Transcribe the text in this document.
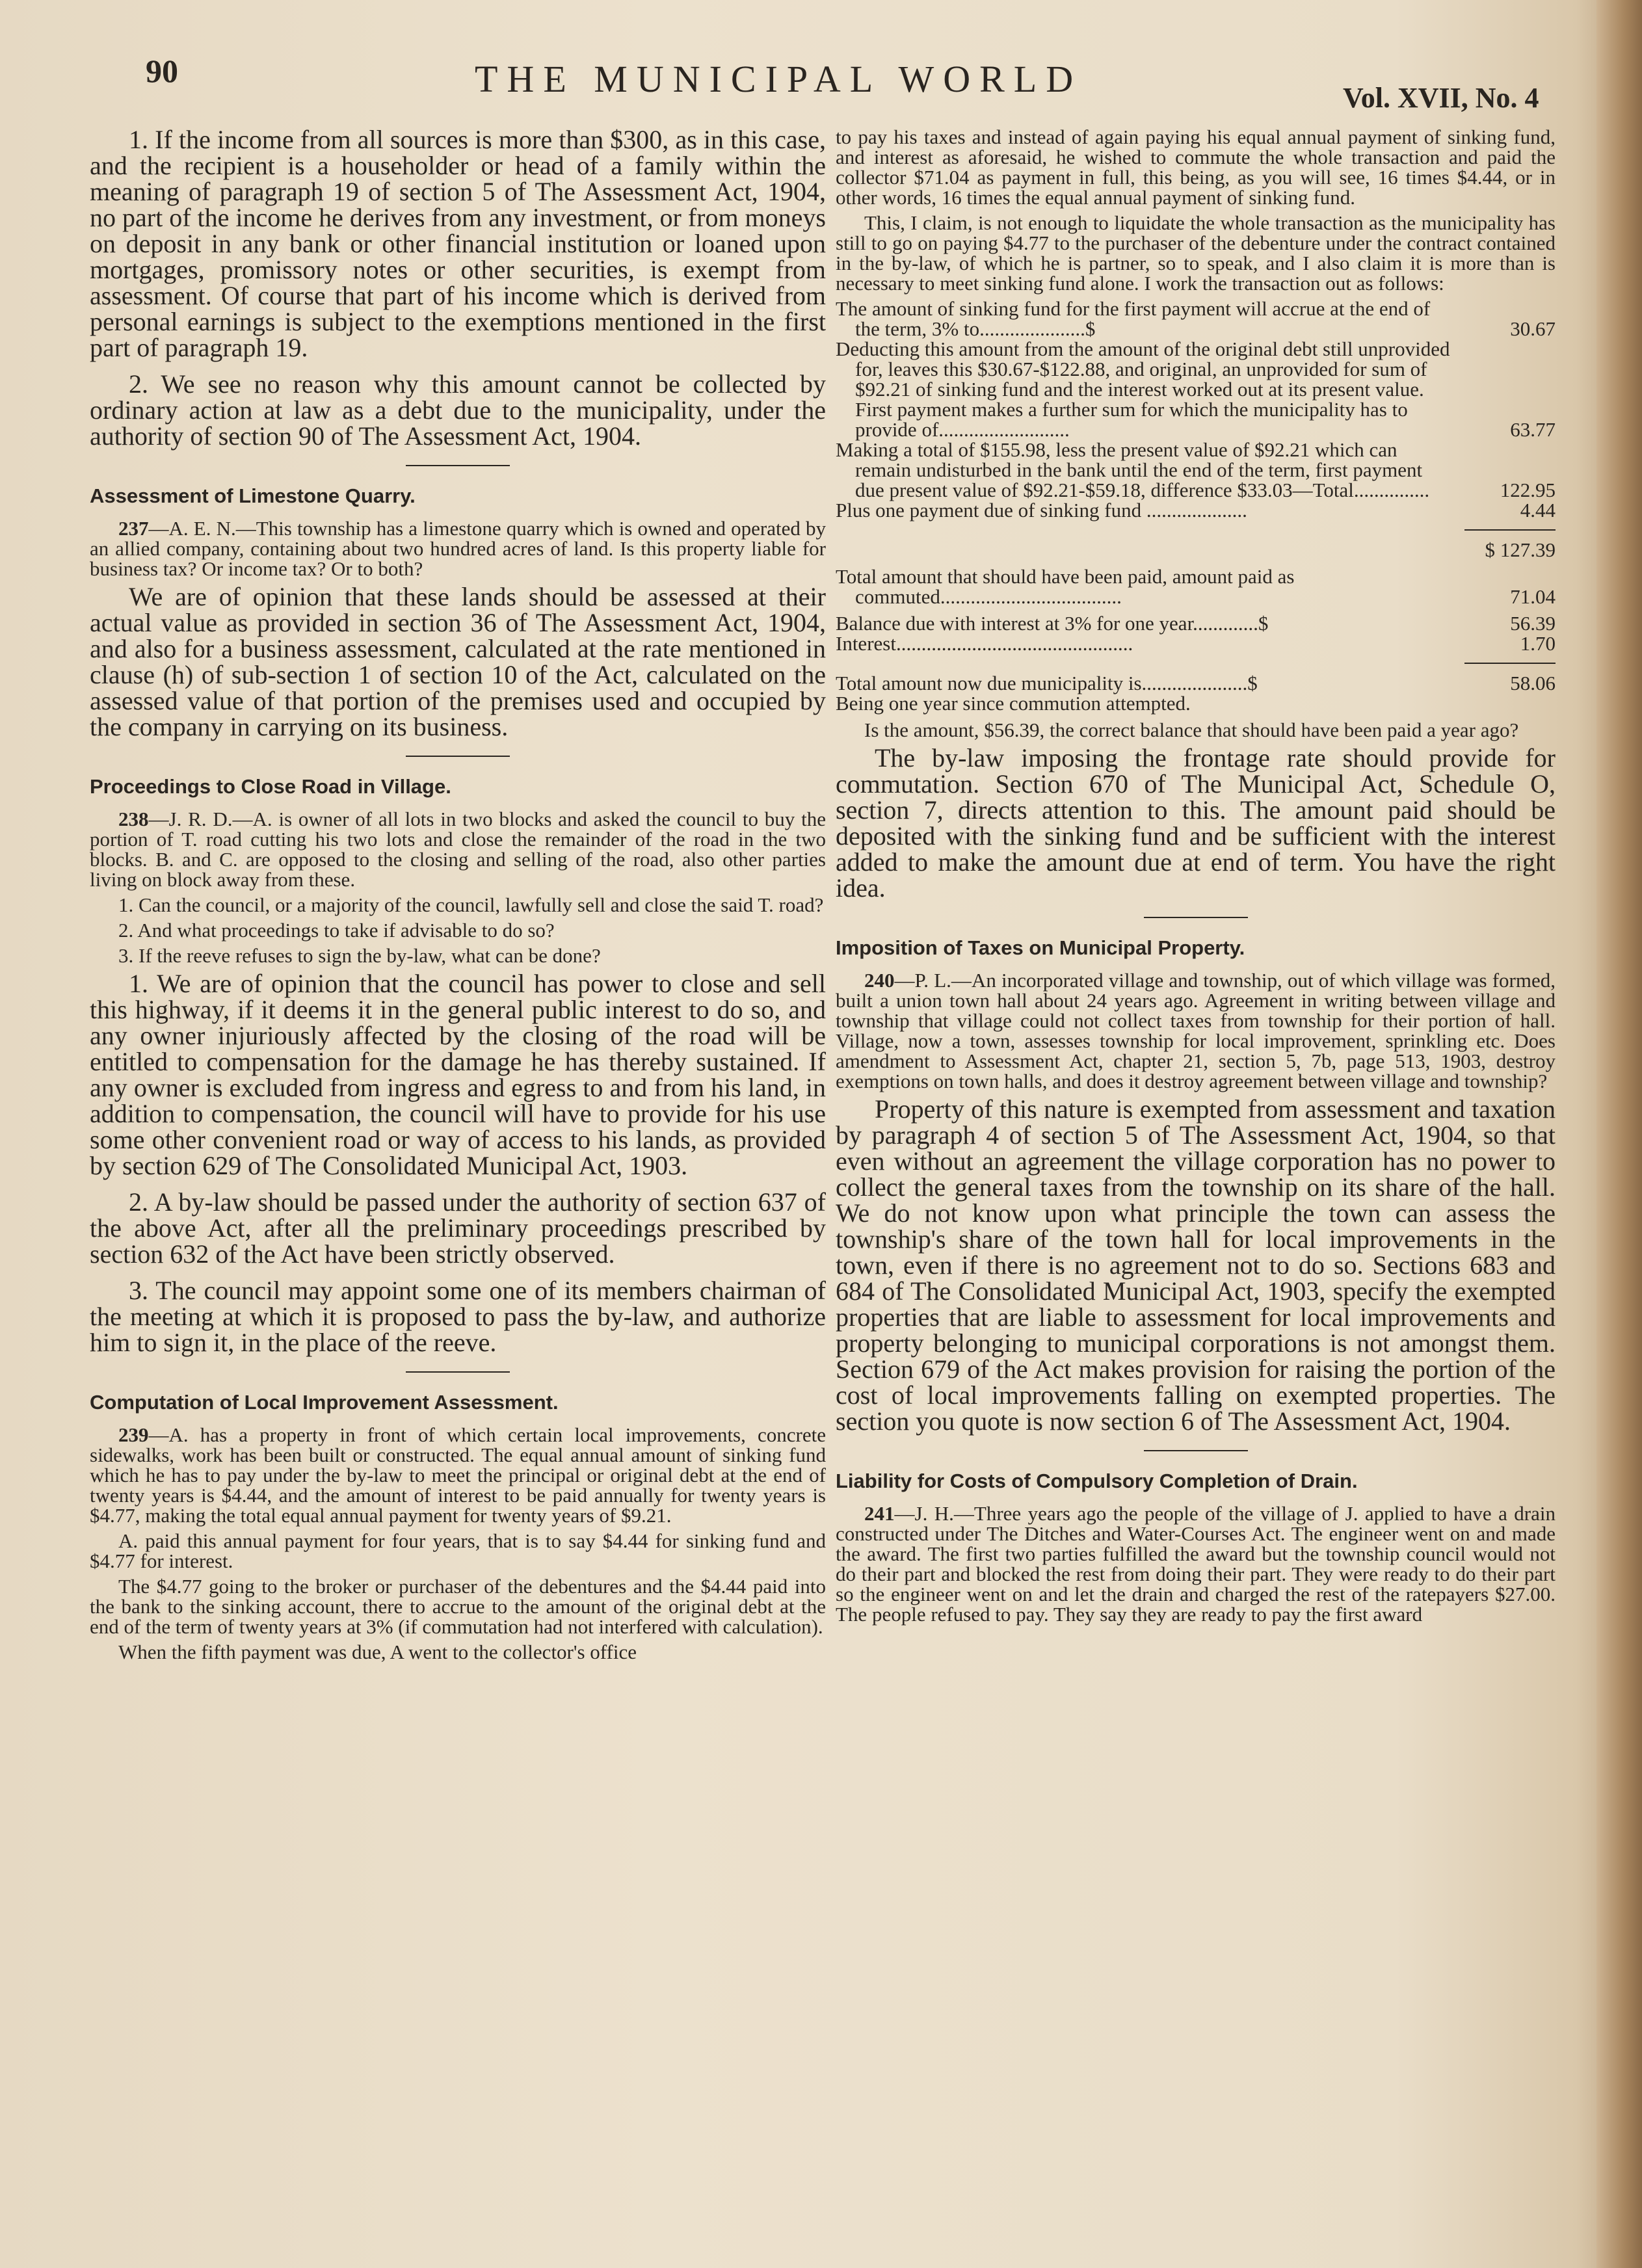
90	THE MUNICIPAL WORLD	Vol. XVII, No. 4

1. If the income from all sources is more than $300, as in this case, and the recipient is a householder or head of a family within the meaning of paragraph 19 of section 5 of The Assessment Act, 1904, no part of the income he derives from any investment, or from moneys on deposit in any bank or other financial institution or loaned upon mortgages, promissory notes or other securities, is exempt from assessment. Of course that part of his income which is derived from personal earnings is subject to the exemptions mentioned in the first part of paragraph 19.

2. We see no reason why this amount cannot be collected by ordinary action at law as a debt due to the municipality, under the authority of section 90 of The Assessment Act, 1904.

Assessment of Limestone Quarry.

237—A. E. N.—This township has a limestone quarry which is owned and operated by an allied company, containing about two hundred acres of land. Is this property liable for business tax? Or income tax? Or to both?

We are of opinion that these lands should be assessed at their actual value as provided in section 36 of The Assessment Act, 1904, and also for a business assessment, calculated at the rate mentioned in clause (h) of sub-section 1 of section 10 of the Act, calculated on the assessed value of that portion of the premises used and occupied by the company in carrying on its business.

Proceedings to Close Road in Village.

238—J. R. D.—A. is owner of all lots in two blocks and asked the council to buy the portion of T. road cutting his two lots and close the remainder of the road in the two blocks. B. and C. are opposed to the closing and selling of the road, also other parties living on block away from these.

1. Can the council, or a majority of the council, lawfully sell and close the said T. road?

2. And what proceedings to take if advisable to do so?

3. If the reeve refuses to sign the by-law, what can be done?

1. We are of opinion that the council has power to close and sell this highway, if it deems it in the general public interest to do so, and any owner injuriously affected by the closing of the road will be entitled to compensation for the damage he has thereby sustained. If any owner is excluded from ingress and egress to and from his land, in addition to compensation, the council will have to provide for his use some other convenient road or way of access to his lands, as provided by section 629 of The Consolidated Municipal Act, 1903.

2. A by-law should be passed under the authority of section 637 of the above Act, after all the preliminary proceedings prescribed by section 632 of the Act have been strictly observed.

3. The council may appoint some one of its members chairman of the meeting at which it is proposed to pass the by-law, and authorize him to sign it, in the place of the reeve.

Computation of Local Improvement Assessment.

239—A. has a property in front of which certain local improvements, concrete sidewalks, work has been built or constructed. The equal annual amount of sinking fund which he has to pay under the by-law to meet the principal or original debt at the end of twenty years is $4.44, and the amount of interest to be paid annually for twenty years is $4.77, making the total equal annual payment for twenty years of $9.21.

A. paid this annual payment for four years, that is to say $4.44 for sinking fund and $4.77 for interest.

The $4.77 going to the broker or purchaser of the debentures and the $4.44 paid into the bank to the sinking account, there to accrue to the amount of the original debt at the end of the term of twenty years at 3% (if commutation had not interfered with calculation).

When the fifth payment was due, A went to the collector's office

to pay his taxes and instead of again paying his equal annual payment of sinking fund, and interest as aforesaid, he wished to commute the whole transaction and paid the collector $71.04 as payment in full, this being, as you will see, 16 times $4.44, or in other words, 16 times the equal annual payment of sinking fund.

This, I claim, is not enough to liquidate the whole transaction as the municipality has still to go on paying $4.77 to the purchaser of the debenture under the contract contained in the by-law, of which he is partner, so to speak, and I also claim it is more than is necessary to meet sinking fund alone. I work the transaction out as follows:

The amount of sinking fund for the first payment will accrue at the end of the term, 3% to.....................$	30.67
Deducting this amount from the amount of the original debt still unprovided for, leaves this $30.67-$122.88, and original, an unprovided for sum of $92.21 of sinking fund and the interest worked out at its present value. First payment makes a further sum for which the municipality has to provide of..........................	63.77
Making a total of $155.98, less the present value of $92.21 which can remain undisturbed in the bank until the end of the term, first payment due present value of $92.21-$59.18, difference $33.03—Total...............	122.95
Plus one payment due of sinking fund ....................	4.44
$ 127.39
Total amount that should have been paid, amount paid as commuted....................................	71.04
Balance due with interest at 3% for one year.............$	56.39
Interest...............................................	1.70
Total amount now due municipality is.....................$	58.06
Being one year since commution attempted.

Is the amount, $56.39, the correct balance that should have been paid a year ago?

The by-law imposing the frontage rate should provide for commutation. Section 670 of The Municipal Act, Schedule O, section 7, directs attention to this. The amount paid should be deposited with the sinking fund and be sufficient with the interest added to make the amount due at end of term. You have the right idea.

Imposition of Taxes on Municipal Property.

240—P. L.—An incorporated village and township, out of which village was formed, built a union town hall about 24 years ago. Agreement in writing between village and township that village could not collect taxes from township for their portion of hall. Village, now a town, assesses township for local improvement, sprinkling etc. Does amendment to Assessment Act, chapter 21, section 5, 7b, page 513, 1903, destroy exemptions on town halls, and does it destroy agreement between village and township?

Property of this nature is exempted from assessment and taxation by paragraph 4 of section 5 of The Assessment Act, 1904, so that even without an agreement the village corporation has no power to collect the general taxes from the township on its share of the hall. We do not know upon what principle the town can assess the township's share of the town hall for local improvements in the town, even if there is no agreement not to do so. Sections 683 and 684 of The Consolidated Municipal Act, 1903, specify the exempted properties that are liable to assessment for local improvements and property belonging to municipal corporations is not amongst them. Section 679 of the Act makes provision for raising the portion of the cost of local improvements falling on exempted properties. The section you quote is now section 6 of The Assessment Act, 1904.

Liability for Costs of Compulsory Completion of Drain.

241—J. H.—Three years ago the people of the village of J. applied to have a drain constructed under The Ditches and Water-Courses Act. The engineer went on and made the award. The first two parties fulfilled the award but the township council would not do their part and blocked the rest from doing their part. They were ready to do their part so the engineer went on and let the drain and charged the rest of the ratepayers $27.00. The people refused to pay. They say they are ready to pay the first award
